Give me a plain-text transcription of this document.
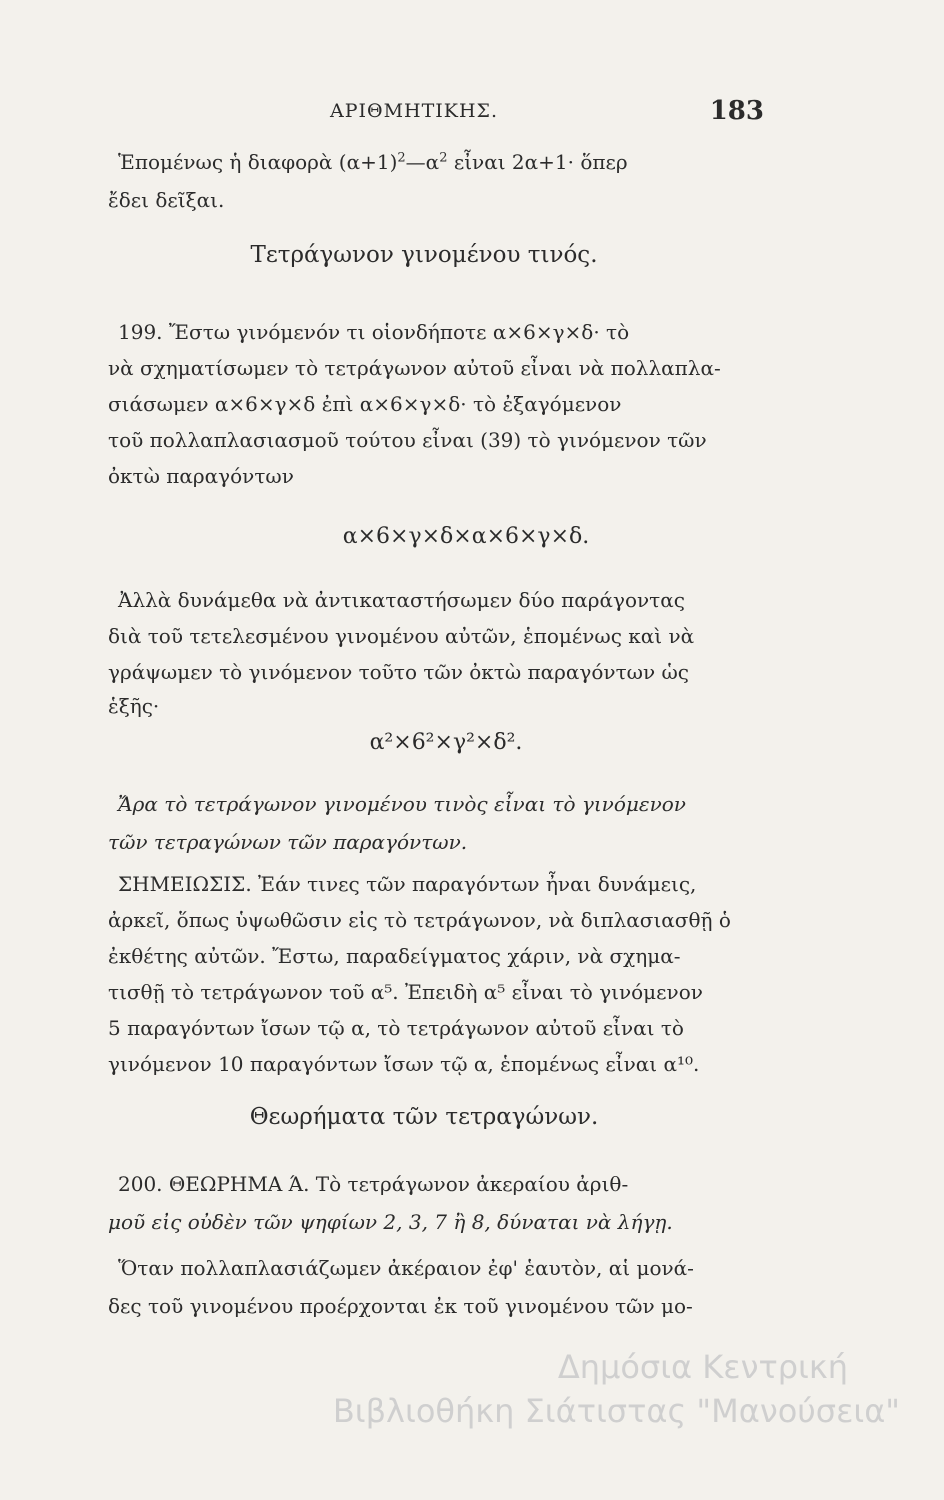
ΑΡΙΘΜΗΤΙΚΗΣ.	183
Ἑπομένως ἡ διαφορὰ $(\alpha+1)^2—\alpha^2$ εἶναι 2α+1· ὅπερ
ἔδει δεῖξαι.
Τετράγωνον γινομένου τινός.
199. Ἔστω γινόμενόν τι οἱονδήποτε α×6×γ×δ· τὸ
νὰ σχηματίσωμεν τὸ τετράγωνον αὐτοῦ εἶναι νὰ πολλαπλα-
σιάσωμεν α×6×γ×δ ἐπὶ α×6×γ×δ· τὸ ἐξαγόμενον
τοῦ πολλαπλασιασμοῦ τούτου εἶναι (39) τὸ γινόμενον τῶν
ὀκτὼ παραγόντων
α×6×γ×δ×α×6×γ×δ.
Ἀλλὰ δυνάμεθα νὰ ἀντικαταστήσωμεν δύο παράγοντας
διὰ τοῦ τετελεσμένου γινομένου αὐτῶν, ἑπομένως καὶ νὰ
γράψωμεν τὸ γινόμενον τοῦτο τῶν ὀκτὼ παραγόντων ὡς
ἑξῆς·
α²×6²×γ²×δ².
Ἄρα τὸ τετράγωνον γινομένου τινὸς εἶναι τὸ γινόμενον
τῶν τετραγώνων τῶν παραγόντων.
ΣΗΜΕΙΩΣΙΣ. Ἐάν τινες τῶν παραγόντων ἦναι δυνάμεις,
ἀρκεῖ, ὅπως ὑψωθῶσιν εἰς τὸ τετράγωνον, νὰ διπλασιασθῇ ὁ
ἐκθέτης αὐτῶν. Ἔστω, παραδείγματος χάριν, νὰ σχημα-
τισθῇ τὸ τετράγωνον τοῦ α⁵. Ἐπειδὴ α⁵ εἶναι τὸ γινόμενον
5 παραγόντων ἴσων τῷ α, τὸ τετράγωνον αὐτοῦ εἶναι τὸ
γινόμενον 10 παραγόντων ἴσων τῷ α, ἑπομένως εἶναι α¹⁰.
Θεωρήματα τῶν τετραγώνων.
200. ΘΕΩΡΗΜΑ Ά. Τὸ τετράγωνον ἀκεραίου ἀριθ-
μοῦ εἰς οὐδὲν τῶν ψηφίων 2, 3, 7 ἢ 8, δύναται νὰ λήγῃ.
Ὅταν πολλαπλασιάζωμεν ἀκέραιον ἐφ' ἑαυτὸν, αἱ μονά-
δες τοῦ γινομένου προέρχονται ἐκ τοῦ γινομένου τῶν μο-
Δημόσια Κεντρική
Βιβλιοθήκη Σιάτιστας "Μανούσεια"
